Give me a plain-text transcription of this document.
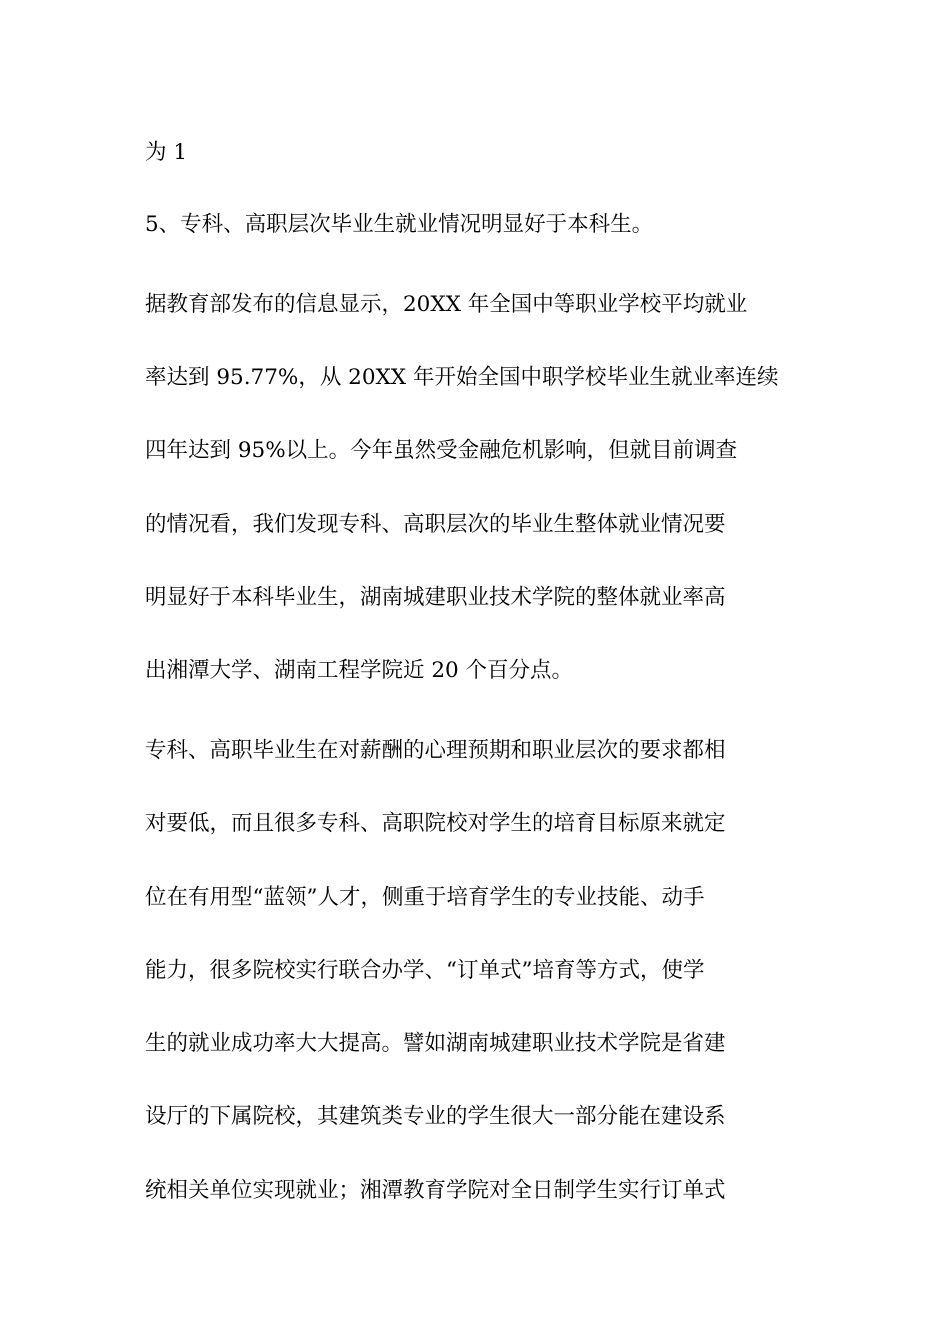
为 1

5、专科、高职层次毕业生就业情况明显好于本科生。

据教育部发布的信息显示，20XX 年全国中等职业学校平均就业

率达到 95.77%，从 20XX 年开始全国中职学校毕业生就业率连续

四年达到 95%以上。今年虽然受金融危机影响，但就目前调查

的情况看，我们发现专科、高职层次的毕业生整体就业情况要

明显好于本科毕业生，湖南城建职业技术学院的整体就业率高

出湘潭大学、湖南工程学院近 20 个百分点。

专科、高职毕业生在对薪酬的心理预期和职业层次的要求都相

对要低，而且很多专科、高职院校对学生的培育目标原来就定

位在有用型“蓝领”人才，侧重于培育学生的专业技能、动手

能力，很多院校实行联合办学、“订单式”培育等方式，使学

生的就业成功率大大提高。譬如湖南城建职业技术学院是省建

设厅的下属院校，其建筑类专业的学生很大一部分能在建设系

统相关单位实现就业；湘潭教育学院对全日制学生实行订单式
